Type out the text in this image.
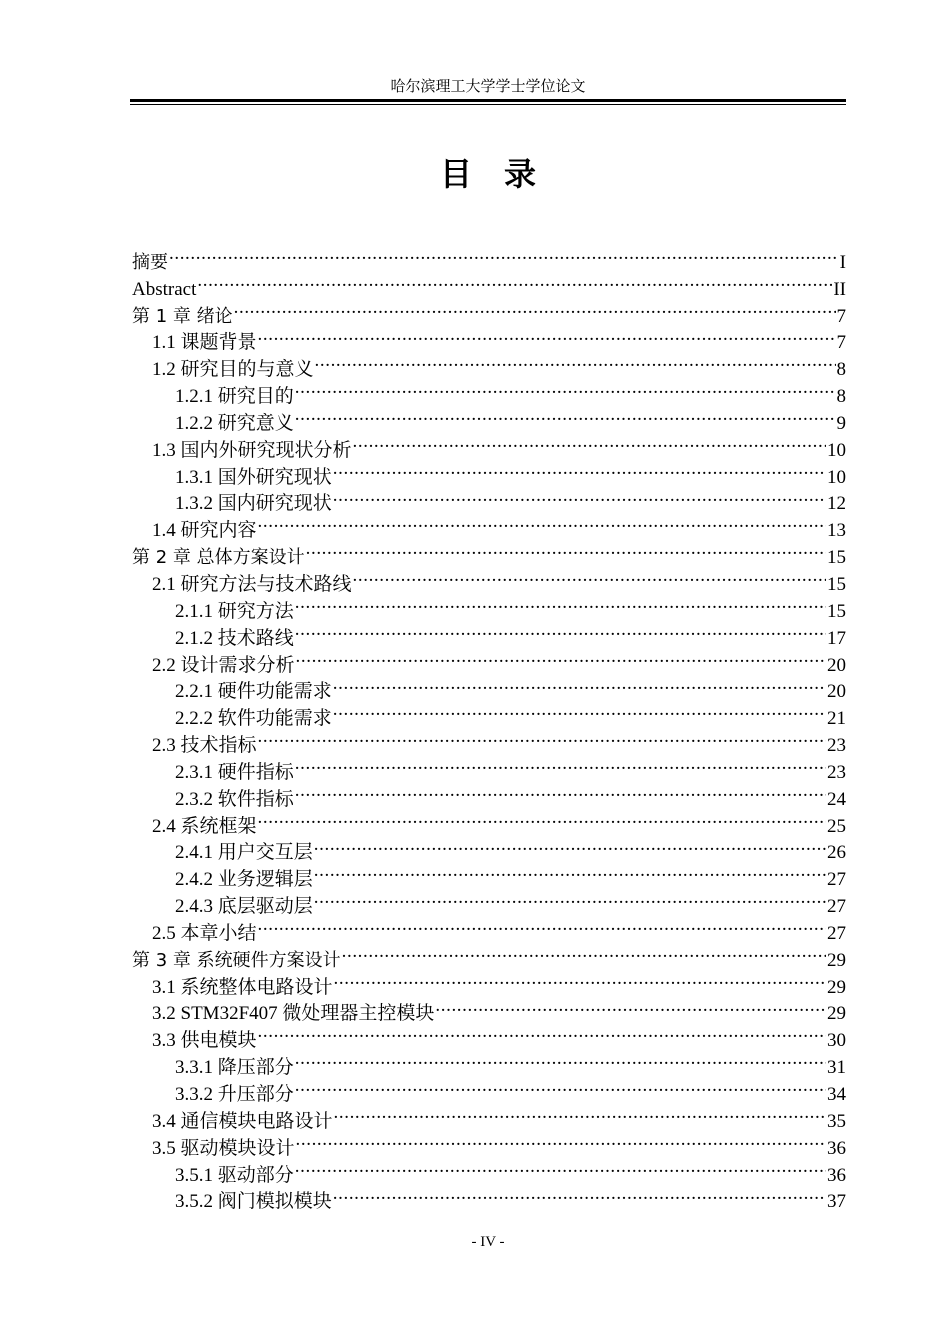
哈尔滨理工大学学士学位论文
目录
摘要 .....	I
Abstract .....	II
第 1 章 绪论 .....	7
1.1 课题背景 .....	7
1.2 研究目的与意义 .....	8
1.2.1 研究目的 .....	8
1.2.2 研究意义 .....	9
1.3 国内外研究现状分析 .....	10
1.3.1 国外研究现状 .....	10
1.3.2 国内研究现状 .....	12
1.4 研究内容 .....	13
第 2 章 总体方案设计 .....	15
2.1 研究方法与技术路线 .....	15
2.1.1 研究方法 .....	15
2.1.2 技术路线 .....	17
2.2 设计需求分析 .....	20
2.2.1 硬件功能需求 .....	20
2.2.2 软件功能需求 .....	21
2.3 技术指标 .....	23
2.3.1 硬件指标 .....	23
2.3.2 软件指标 .....	24
2.4 系统框架 .....	25
2.4.1 用户交互层 .....	26
2.4.2 业务逻辑层 .....	27
2.4.3 底层驱动层 .....	27
2.5 本章小结 .....	27
第 3 章 系统硬件方案设计 .....	29
3.1 系统整体电路设计 .....	29
3.2 STM32F407 微处理器主控模块 .....	29
3.3 供电模块 .....	30
3.3.1 降压部分 .....	31
3.3.2 升压部分 .....	34
3.4 通信模块电路设计 .....	35
3.5 驱动模块设计 .....	36
3.5.1 驱动部分 .....	36
3.5.2 阀门模拟模块 .....	37
- IV -
